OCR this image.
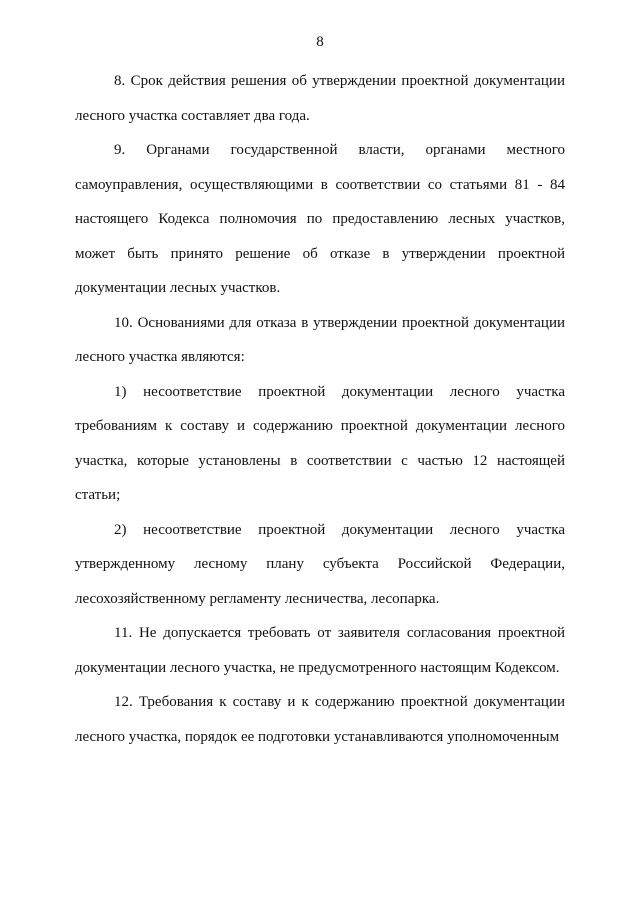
8

8. Срок действия решения об утверждении проектной документации лесного участка составляет два года.

9. Органами государственной власти, органами местного самоуправления, осуществляющими в соответствии со статьями 81 - 84 настоящего Кодекса полномочия по предоставлению лесных участков, может быть принято решение об отказе в утверждении проектной документации лесных участков.

10. Основаниями для отказа в утверждении проектной документации лесного участка являются:

1) несоответствие проектной документации лесного участка требованиям к составу и содержанию проектной документации лесного участка, которые установлены в соответствии с частью 12 настоящей статьи;

2) несоответствие проектной документации лесного участка утвержденному лесному плану субъекта Российской Федерации, лесохозяйственному регламенту лесничества, лесопарка.

11. Не допускается требовать от заявителя согласования проектной документации лесного участка, не предусмотренного настоящим Кодексом.

12. Требования к составу и к содержанию проектной документации лесного участка, порядок ее подготовки устанавливаются уполномоченным
